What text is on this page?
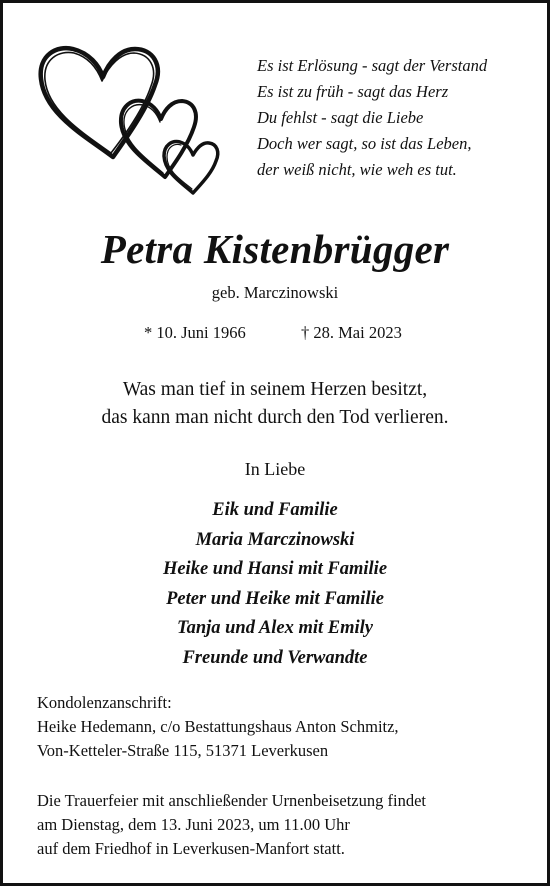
Es ist Erlösung - sagt der Verstand
Es ist zu früh - sagt das Herz
Du fehlst - sagt die Liebe
Doch wer sagt, so ist das Leben,
der weiß nicht, wie weh es tut.
Petra Kistenbrügger
geb. Marczinowski
* 10. Juni 1966	† 28. Mai 2023
Was man tief in seinem Herzen besitzt,
das kann man nicht durch den Tod verlieren.
In Liebe
Eik und Familie
Maria Marczinowski
Heike und Hansi mit Familie
Peter und Heike mit Familie
Tanja und Alex mit Emily
Freunde und Verwandte
Kondolenzanschrift:
Heike Hedemann, c/o Bestattungshaus Anton Schmitz,
Von-Ketteler-Straße 115, 51371 Leverkusen
Die Trauerfeier mit anschließender Urnenbeisetzung findet
am Dienstag, dem 13. Juni 2023, um 11.00 Uhr
auf dem Friedhof in Leverkusen-Manfort statt.
